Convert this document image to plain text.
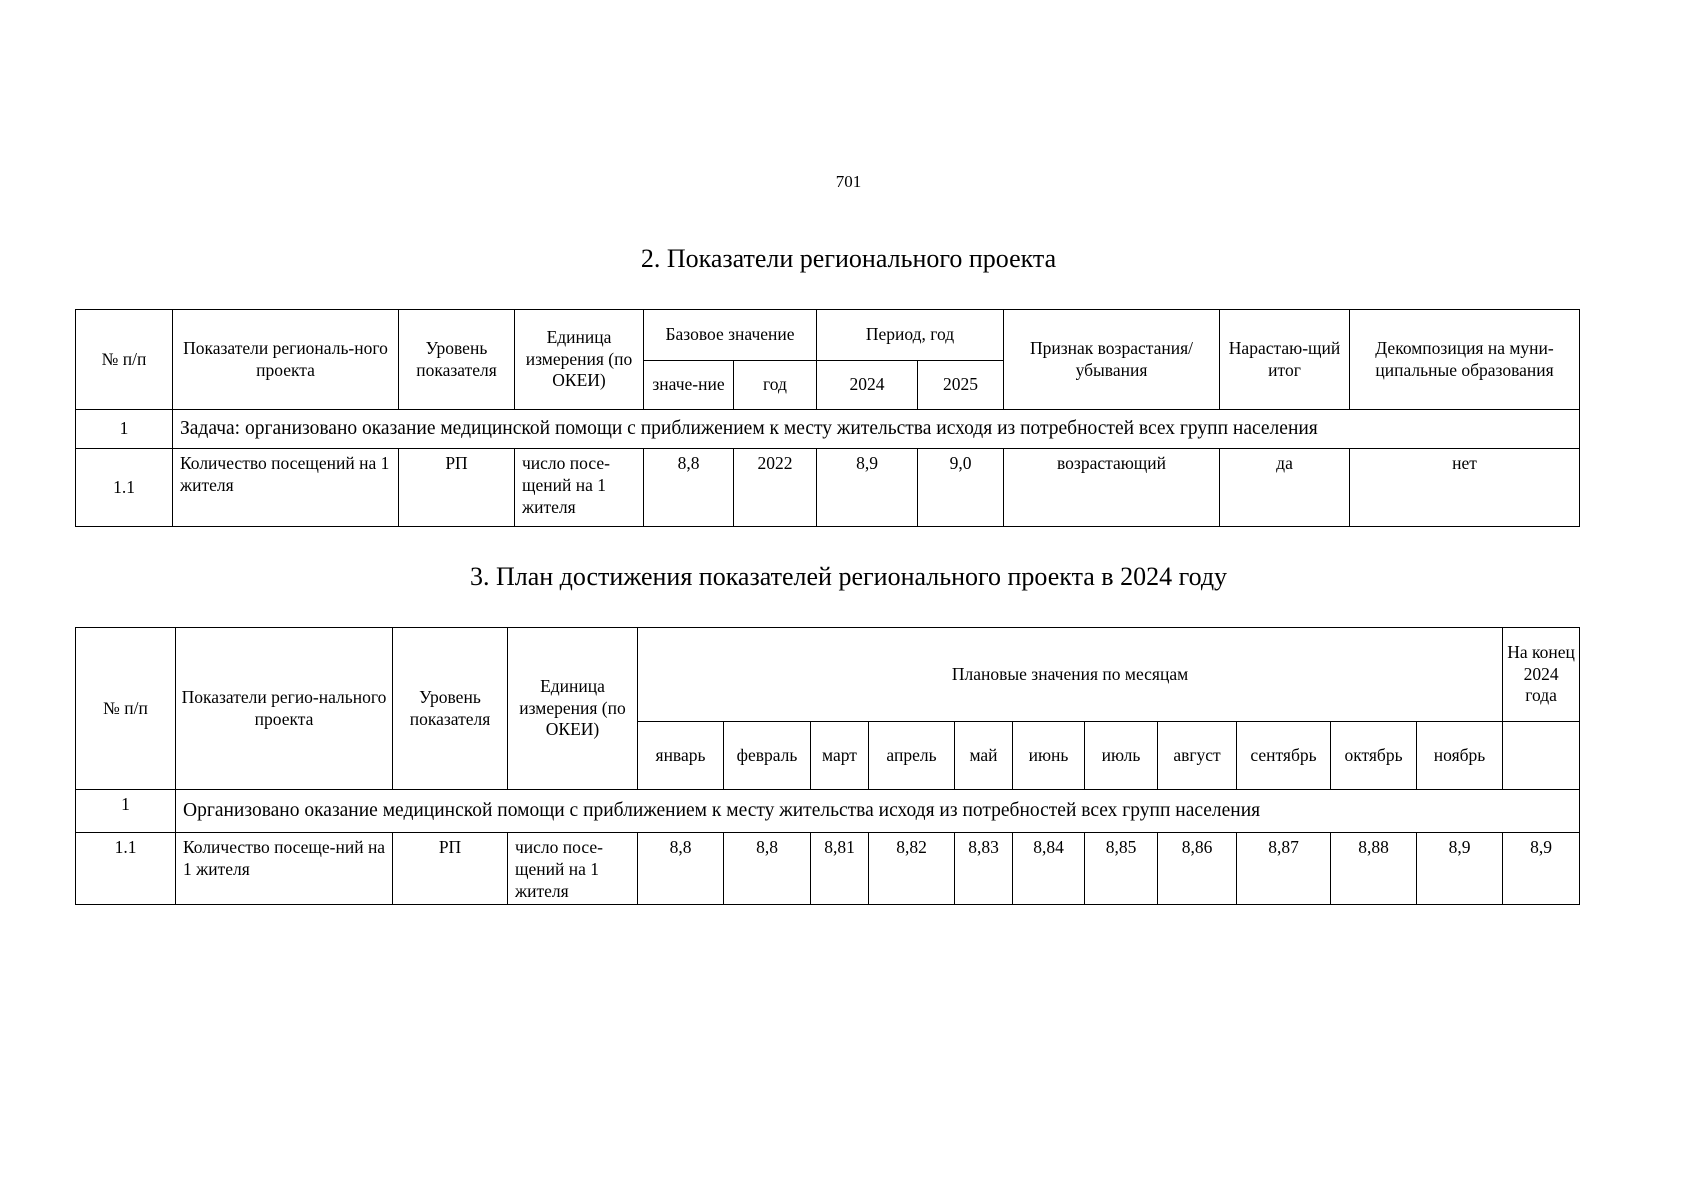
701
2. Показатели регионального проекта
№ п/п	Показатели региональ-ного проекта	Уровень показателя	Единица измерения (по ОКЕИ)	Базовое значение		Период, год		Признак возрастания/ убывания	Нарастаю-щий итог	Декомпозиция на муни-ципальные образования
				значе-ние	год	2024	2025			
1	Задача: организовано оказание медицинской помощи с приближением к месту жительства исходя из потребностей всех групп населения									
1.1	Количество посещений на 1 жителя	РП	число посе-щений на 1 жителя	8,8	2022	8,9	9,0	возрастающий	да	нет
3. План достижения показателей регионального проекта в 2024 году
№ п/п	Показатели регио-нального проекта	Уровень показателя	Единица измерения (по ОКЕИ)	Плановые значения по месяцам											На конец 2024 года
				январь	февраль	март	апрель	май	июнь	июль	август	сентябрь	октябрь	ноябрь	
1	Организовано оказание медицинской помощи с приближением к месту жительства исходя из потребностей всех групп населения														
1.1	Количество посеще-ний на 1 жителя	РП	число посе-щений на 1 жителя	8,8	8,8	8,81	8,82	8,83	8,84	8,85	8,86	8,87	8,88	8,9	8,9
